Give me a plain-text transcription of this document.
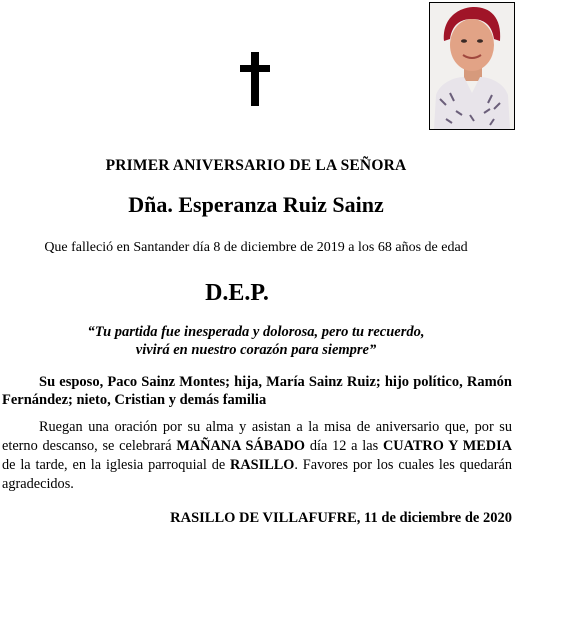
PRIMER ANIVERSARIO DE LA SEÑORA
Dña. Esperanza Ruiz Sainz
Que falleció en Santander día 8 de diciembre de 2019 a los 68 años de edad
D.E.P.
“Tu partida fue inesperada y dolorosa, pero tu recuerdo,
vivirá en nuestro corazón para siempre”
Su esposo, Paco Sainz Montes; hija, María Sainz Ruiz; hijo político, Ramón Fernández; nieto, Cristian y demás familia
Ruegan una oración por su alma y asistan a la misa de aniversario que, por su eterno descanso, se celebrará MAÑANA SÁBADO día 12 a las CUATRO Y MEDIA de la tarde, en la iglesia parroquial de RASILLO. Favores por los cuales les quedarán agradecidos.
RASILLO DE VILLAFUFRE, 11 de diciembre de 2020
